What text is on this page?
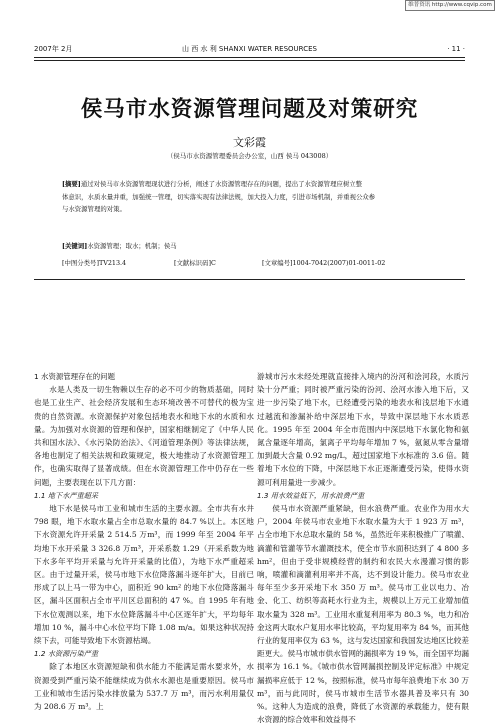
维普资讯 http://www.cqvip.com
2007年 2月	山 西 水 利 SHANXI WATER RESOURCES	· 11 ·
侯马市水资源管理问题及对策研究
文彩霞
（侯马市水资源管理委员会办公室，山西 侯马 043008）

[摘要]通过对侯马市水资源管理现状进行分析，阐述了水资源管理存在的问题，提出了水资源管理应树立整

体意识，水质水量并重，加强统一管理，切实落实现有法律法规，加大投入力度，引进市场机制，并重视公众参

与水资源管理的对策。

[关键词]水资源管理；取水；机制；侯马
[中图分类号]TV213.4	[文献标识码]C	[文章编号]1004-7042(2007)01-0011-02

1 水资源管理存在的问题

水是人类及一切生物赖以生存的必不可少的物质基础，同时也是工业生产、社会经济发展和生态环境改善不可替代的极为宝贵的自然资源。水资源保护对象包括地表水和地下水的水质和水量。为加强对水资源的管理和保护，国家相继制定了《中华人民共和国水法》、《水污染防治法》、《河道管理条例》等法律法规，各地也制定了相关法规和政策规定，极大地推动了水资源管理工作，也确实取得了显著成绩。但在水资源管理工作中仍存在一些问题，主要表现在以下几方面：

1.1 地下水严重超采

地下水是侯马市工业和城市生活的主要水源。全市共有水井 798 眼，地下水取水量占全市总取水量的 84.7 %以上。本区地下水资源允许开采量 2 514.5 万m³，而 1999 年至 2004 年平均地下水开采量 3 326.8 万m³，开采系数 1.29（开采系数为地下水多年平均开采量与允许开采量的比值），为地下水严重超采区。由于过量开采，侯马市地下水位降落漏斗逐年扩大，目前已形成了以上马一带为中心，面积近 90 km² 的地下水位降落漏斗区，漏斗区面积占全市平川区总面积的 47 %。自 1995 年有地下水位观测以来，地下水位降落漏斗中心区逐年扩大，平均每年增加 10 %，漏斗中心水位平均下降 1.08 m/a。如果这种状况持续下去，可能导致地下水资源枯竭。

1.2 水资源污染严重

除了本地区水资源短缺和供水能力不能满足需水要求外，水资源受到严重污染不能继续成为供水水源也是重要原因。侯马市工业和城市生活污染水排放量为 537.7 万 m³，而污水利用量仅为 208.6 万 m³。上

游城市污水未经处理就直接排入境内的汾河和浍河段，水质污染十分严重；同时被严重污染的汾河、浍河水渗入地下后，又进一步污染了地下水，已经遭受污染的地表水和浅层地下水通过越流和渗漏补给中深层地下水，导致中深层地下水水质恶化。1995 年至 2004 年全市范围内中深层地下水氯化物和氨氮含量逐年增高，氯离子平均每年增加 7 %，氨氮从零含量增加到最大含量 0.92 mg/L，超过国家地下水标准的 3.6 倍。随着地下水位的下降，中深层地下水正逐渐遭受污染，使得水资源可利用量进一步减少。

1.3 用水效益低下，用水浪费严重

侯马市水资源严重紧缺，但水浪费严重。农业作为用水大户，2004 年侯马市农业地下水取水量为大于 1 923 万 m³，占全市地下水总取水量的 58 %，虽然近年来积极推广了喷灌、滴灌和管灌等节水灌溉技术，使全市节水面积达到了 4 800 多 hm²，但由于受非规模经营的制约和农民大水漫灌习惯的影响，喷灌和滴灌利用率并不高，达不到设计能力。侯马市农业每年至少多开采地下水 350 万 m³。侯马市工业以电力、冶金、化工、纺织等高耗水行业为主，规模以上万元工业增加值取水量为 328 m³。工业用水重复利用率为 80.3 %，电力和冶金这两大取水户复用水率比较高，平均复用率为 84 %，而其他行业的复用率仅为 63 %，这与发达国家和我国发达地区比较差距更大。侯马市城市供水管网的漏损率为 19 %，而全国平均漏损率为 16.1 %。《城市供水管网漏损控制及评定标准》中规定漏损率应低于 12 %，按照标准，侯马市每年浪费地下水 30 万 m³，而与此同时，侯马市城市生活节水器具普及率只有 30 %。这种人为造成的浪费，降低了水资源的承载能力，使有限水资源的综合效率和效益得不
